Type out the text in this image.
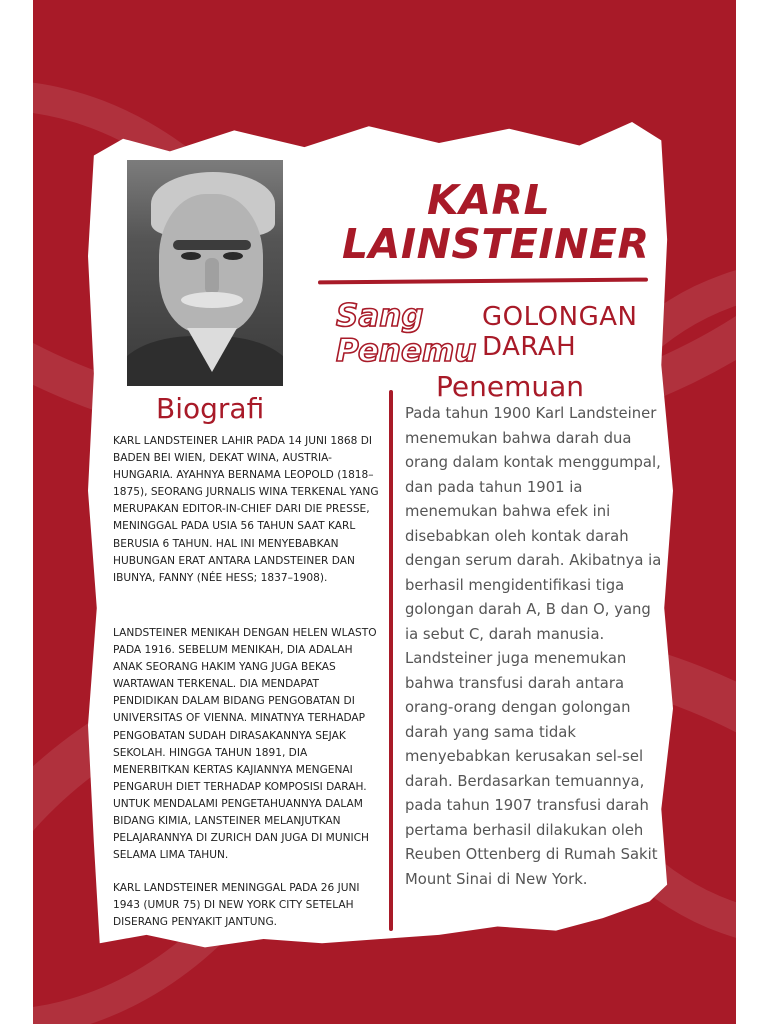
KARL
LAINSTEINER
Sang
Penemu
GOLONGAN
DARAH
Biografi

KARL LANDSTEINER LAHIR PADA 14 JUNI 1868 DI BADEN BEI WIEN, DEKAT WINA, AUSTRIA-HUNGARIA. AYAHNYA BERNAMA LEOPOLD (1818–1875), SEORANG JURNALIS WINA TERKENAL YANG MERUPAKAN EDITOR-IN-CHIEF DARI DIE PRESSE, MENINGGAL PADA USIA 56 TAHUN SAAT KARL BERUSIA 6 TAHUN. HAL INI MENYEBABKAN HUBUNGAN ERAT ANTARA LANDSTEINER DAN IBUNYA, FANNY (NÉE HESS; 1837–1908).

LANDSTEINER MENIKAH DENGAN HELEN WLASTO PADA 1916. SEBELUM MENIKAH, DIA ADALAH ANAK SEORANG HAKIM YANG JUGA BEKAS WARTAWAN TERKENAL. DIA MENDAPAT PENDIDIKAN DALAM BIDANG PENGOBATAN DI UNIVERSITAS OF VIENNA. MINATNYA TERHADAP PENGOBATAN SUDAH DIRASAKANNYA SEJAK SEKOLAH. HINGGA TAHUN 1891, DIA MENERBITKAN KERTAS KAJIANNYA MENGENAI PENGARUH DIET TERHADAP KOMPOSISI DARAH. UNTUK MENDALAMI PENGETAHUANNYA DALAM BIDANG KIMIA, LANSTEINER MELANJUTKAN PELAJARANNYA DI ZURICH DAN JUGA DI MUNICH SELAMA LIMA TAHUN.

KARL LANDSTEINER MENINGGAL PADA 26 JUNI 1943 (UMUR 75) DI NEW YORK CITY SETELAH DISERANG PENYAKIT JANTUNG.

Penemuan

Pada tahun 1900 Karl Landsteiner menemukan bahwa darah dua orang dalam kontak menggumpal, dan pada tahun 1901 ia menemukan bahwa efek ini disebabkan oleh kontak darah dengan serum darah. Akibatnya ia berhasil mengidentifikasi tiga golongan darah A, B dan O, yang ia sebut C, darah manusia. Landsteiner juga menemukan bahwa transfusi darah antara orang-orang dengan golongan darah yang sama tidak menyebabkan kerusakan sel-sel darah. Berdasarkan temuannya, pada tahun 1907 transfusi darah pertama berhasil dilakukan oleh Reuben Ottenberg di Rumah Sakit Mount Sinai di New York.
